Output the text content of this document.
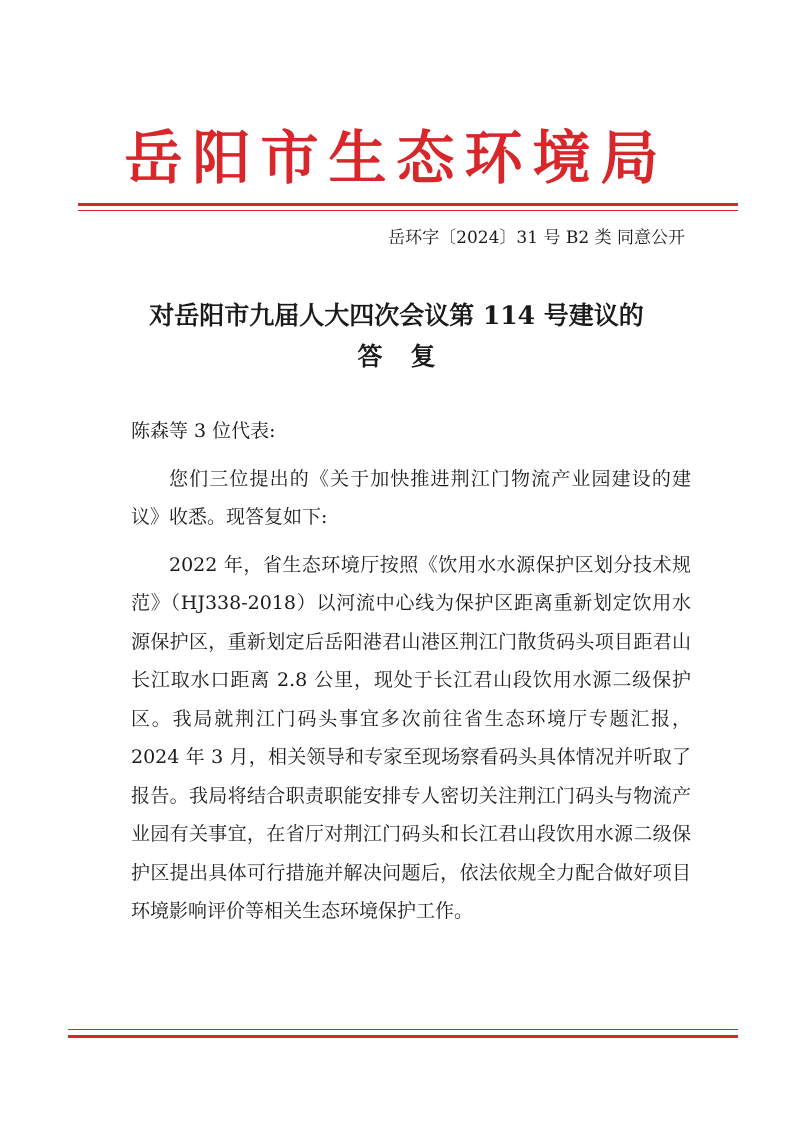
岳阳市生态环境局
岳环字〔2024〕31 号 B2 类 同意公开
对岳阳市九届人大四次会议第 114 号建议的
答复

陈森等 3 位代表:

您们三位提出的《关于加快推进荆江门物流产业园建设的建议》收悉。现答复如下:

2022 年，省生态环境厅按照《饮用水水源保护区划分技术规范》（HJ338-2018）以河流中心线为保护区距离重新划定饮用水源保护区，重新划定后岳阳港君山港区荆江门散货码头项目距君山长江取水口距离 2.8 公里，现处于长江君山段饮用水源二级保护区。我局就荆江门码头事宜多次前往省生态环境厅专题汇报，2024 年 3 月，相关领导和专家至现场察看码头具体情况并听取了报告。我局将结合职责职能安排专人密切关注荆江门码头与物流产业园有关事宜，在省厅对荆江门码头和长江君山段饮用水源二级保护区提出具体可行措施并解决问题后，依法依规全力配合做好项目环境影响评价等相关生态环境保护工作。
